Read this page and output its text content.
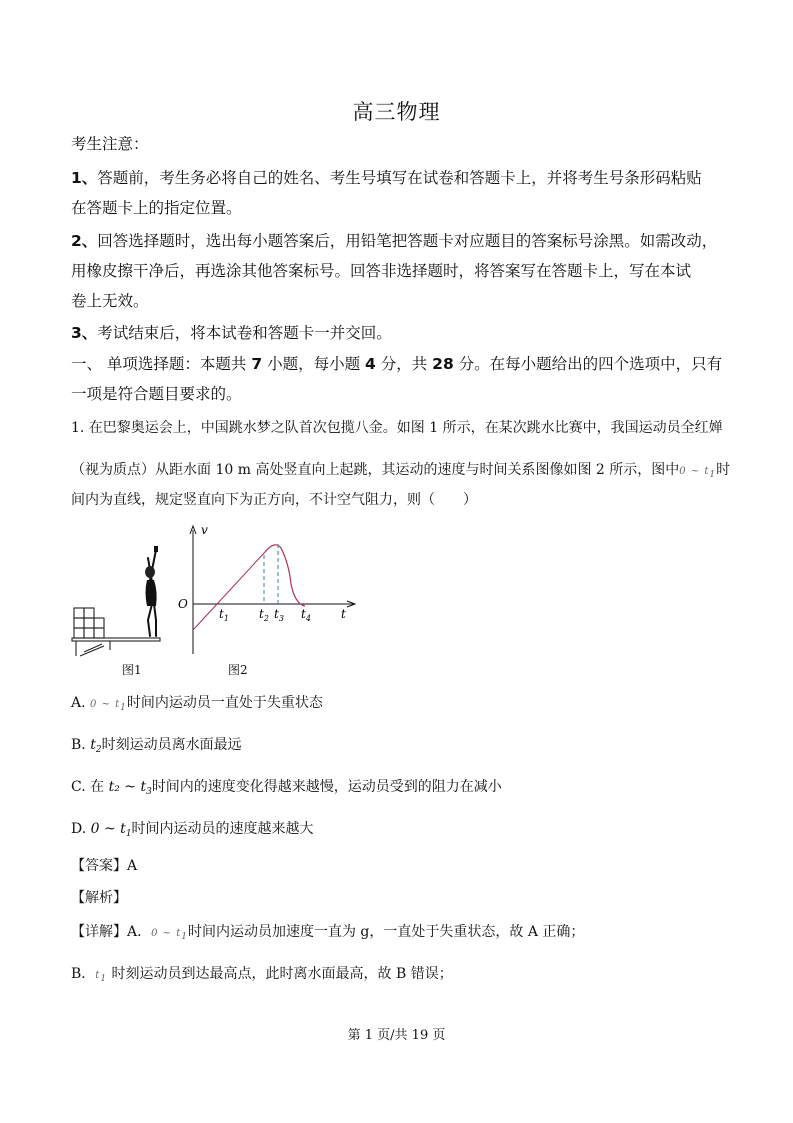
高三物理
考生注意：
1、答题前，考生务必将自己的姓名、考生号填写在试卷和答题卡上，并将考生号条形码粘贴
在答题卡上的指定位置。
2、回答选择题时，选出每小题答案后，用铅笔把答题卡对应题目的答案标号涂黑。如需改动，
用橡皮擦干净后，再选涂其他答案标号。回答非选择题时，将答案写在答题卡上，写在本试
卷上无效。
3、考试结束后，将本试卷和答题卡一并交回。
一、 单项选择题：本题共 7 小题，每小题 4 分，共 28 分。在每小题给出的四个选项中，只有
一项是符合题目要求的。
1. 在巴黎奥运会上，中国跳水梦之队首次包揽八金。如图 1 所示，在某次跳水比赛中，我国运动员全红婵
（视为质点）从距水面 10 m 高处竖直向上起跳，其运动的速度与时间关系图像如图 2 所示，图中0 ~ t1时
间内为直线，规定竖直向下为正方向，不计空气阻力，则（　　）
v
t
O
$t_1$	$t_2$ $t_3$ $t_4$
图1	图2
A. 0 ~ t1时间内运动员一直处于失重状态
B. $t_2$时刻运动员离水面最远
C. 在 t₂ ~ $t_3$时间内的速度变化得越来越慢，运动员受到的阻力在减小
D. 0 ~ $t_1$时间内运动员的速度越来越大
【答案】A
【解析】
【详解】A．0 ~ t1时间内运动员加速度一直为 g，一直处于失重状态，故 A 正确；
B．t1 时刻运动员到达最高点，此时离水面最高，故 B 错误；
第 1 页/共 19 页
